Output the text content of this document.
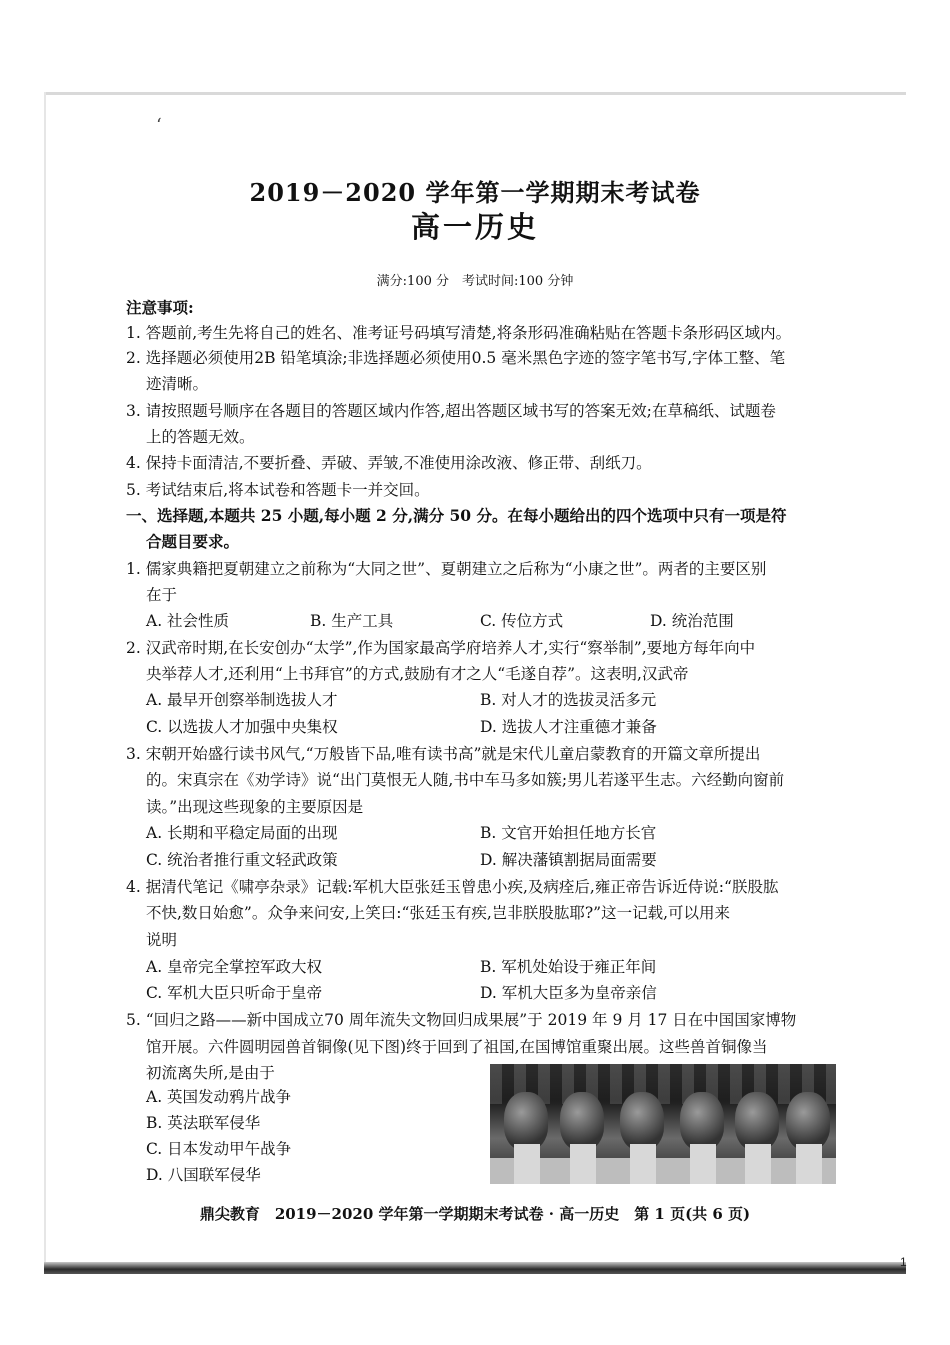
ʻ
2019－2020 学年第一学期期末考试卷
高一历史
满分:100 分　考试时间:100 分钟
注意事项:
1. 答题前,考生先将自己的姓名、准考证号码填写清楚,将条形码准确粘贴在答题卡条形码区域内。
2. 选择题必须使用2B 铅笔填涂;非选择题必须使用0.5 毫米黑色字迹的签字笔书写,字体工整、笔
迹清晰。
3. 请按照题号顺序在各题目的答题区域内作答,超出答题区域书写的答案无效;在草稿纸、试题卷
上的答题无效。
4. 保持卡面清洁,不要折叠、弄破、弄皱,不准使用涂改液、修正带、刮纸刀。
5. 考试结束后,将本试卷和答题卡一并交回。
一、选择题,本题共 25 小题,每小题 2 分,满分 50 分。在每小题给出的四个选项中只有一项是符
合题目要求。
1. 儒家典籍把夏朝建立之前称为“大同之世”、夏朝建立之后称为“小康之世”。两者的主要区别
在于
A. 社会性质	B. 生产工具	C. 传位方式	D. 统治范围
2. 汉武帝时期,在长安创办“太学”,作为国家最高学府培养人才,实行“察举制”,要地方每年向中
央举荐人才,还利用“上书拜官”的方式,鼓励有才之人“毛遂自荐”。这表明,汉武帝
A. 最早开创察举制选拔人才	B. 对人才的选拔灵活多元
C. 以选拔人才加强中央集权	D. 选拔人才注重德才兼备
3. 宋朝开始盛行读书风气,“万般皆下品,唯有读书高”就是宋代儿童启蒙教育的开篇文章所提出
的。宋真宗在《劝学诗》说“出门莫恨无人随,书中车马多如簇;男儿若遂平生志。六经勤向窗前
读。”出现这些现象的主要原因是
A. 长期和平稳定局面的出现	B. 文官开始担任地方长官
C. 统治者推行重文轻武政策	D. 解决藩镇割据局面需要
4. 据清代笔记《啸亭杂录》记载:军机大臣张廷玉曾患小疾,及病痊后,雍正帝告诉近侍说:“朕股肱
不快,数日始愈”。众争来问安,上笑曰:“张廷玉有疾,岂非朕股肱耶?”这一记载,可以用来
说明
A. 皇帝完全掌控军政大权	B. 军机处始设于雍正年间
C. 军机大臣只听命于皇帝	D. 军机大臣多为皇帝亲信
5. “回归之路——新中国成立70 周年流失文物回归成果展”于 2019 年 9 月 17 日在中国国家博物
馆开展。六件圆明园兽首铜像(见下图)终于回到了祖国,在国博馆重聚出展。这些兽首铜像当
初流离失所,是由于
A. 英国发动鸦片战争
B. 英法联军侵华
C. 日本发动甲午战争
D. 八国联军侵华
鼎尖教育　2019－2020 学年第一学期期末考试卷 · 高一历史　第 1 页(共 6 页)
1
